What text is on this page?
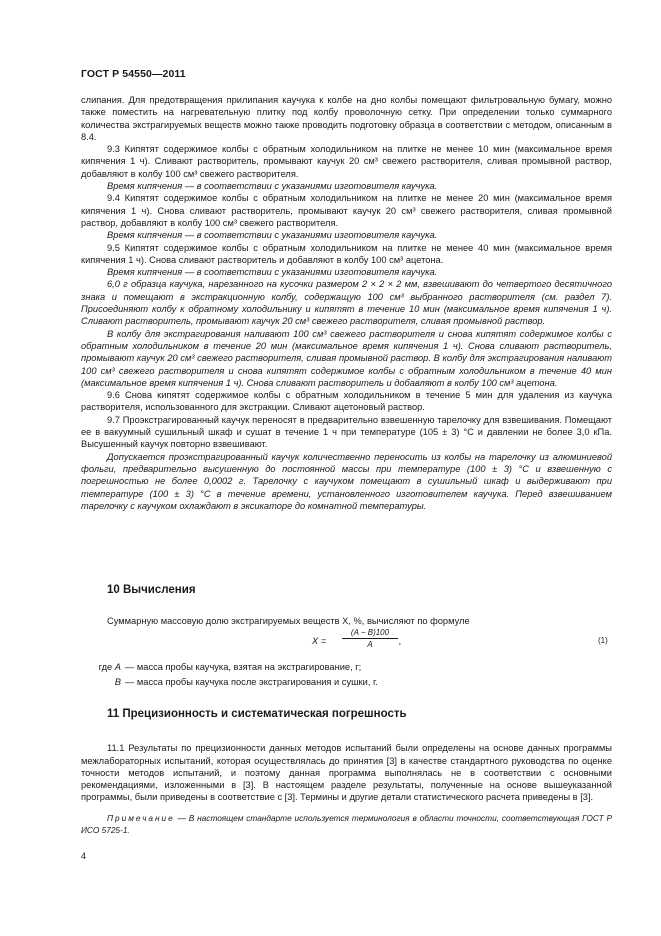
ГОСТ Р 54550—2011

слипания. Для предотвращения прилипания каучука к колбе на дно колбы помещают фильтровальную бумагу, можно также поместить на нагревательную плитку под колбу проволочную сетку. При определении только суммарного количества экстрагируемых веществ можно также проводить подготовку образца в соответствии с методом, описанным в 8.4.

9.3 Кипятят содержимое колбы с обратным холодильником на плитке не менее 10 мин (максимальное время кипячения 1 ч). Сливают растворитель, промывают каучук 20 см³ свежего растворителя, сливая промывной раствор, добавляют в колбу 100 см³ свежего растворителя.

Время кипячения — в соответствии с указаниями изготовителя каучука.

9.4 Кипятят содержимое колбы с обратным холодильником на плитке не менее 20 мин (максимальное время кипячения 1 ч). Снова сливают растворитель, промывают каучук 20 см³ свежего растворителя, сливая промывной раствор, добавляют в колбу 100 см³ свежего растворителя.

Время кипячения — в соответствии с указаниями изготовителя каучука.

9.5 Кипятят содержимое колбы с обратным холодильником на плитке не менее 40 мин (максимальное время кипячения 1 ч). Снова сливают растворитель и добавляют в колбу 100 см³ ацетона.

Время кипячения — в соответствии с указаниями изготовителя каучука.

6,0 г образца каучука, нарезанного на кусочки размером 2 × 2 × 2 мм, взвешивают до четвертого десятичного знака и помещают в экстракционную колбу, содержащую 100 см³ выбранного растворителя (см. раздел 7). Присоединяют колбу к обратному холодильнику и кипятят в течение 10 мин (максимальное время кипячения 1 ч). Сливают растворитель, промывают каучук 20 см³ свежего растворителя, сливая промывной раствор.

В колбу для экстрагирования наливают 100 см³ свежего растворителя и снова кипятят содержимое колбы с обратным холодильником в течение 20 мин (максимальное время кипячения 1 ч). Снова сливают растворитель, промывают каучук 20 см³ свежего растворителя, сливая промывной раствор. В колбу для экстрагирования наливают 100 см³ свежего растворителя и снова кипятят содержимое колбы с обратным холодильником в течение 40 мин (максимальное время кипячения 1 ч). Снова сливают растворитель и добавляют в колбу 100 см³ ацетона.

9.6 Снова кипятят содержимое колбы с обратным холодильником в течение 5 мин для удаления из каучука растворителя, использованного для экстракции. Сливают ацетоновый раствор.

9.7 Проэкстрагированный каучук переносят в предварительно взвешенную тарелочку для взвешивания. Помещают ее в вакуумный сушильный шкаф и сушат в течение 1 ч при температуре (105 ± 3) °С и давлении не более 3,0 кПа. Высушенный каучук повторно взвешивают.

Допускается проэкстрагированный каучук количественно переносить из колбы на тарелочку из алюминиевой фольги, предварительно высушенную до постоянной массы при температуре (100 ± 3) °С и взвешенную с погрешностью не более 0,0002 г. Тарелочку с каучуком помещают в сушильный шкаф и выдерживают при температуре (100 ± 3) °С в течение времени, установленного изготовителем каучука. Перед взвешиванием тарелочку с каучуком охлаждают в эксикаторе до комнатной температуры.

10 Вычисления
Суммарную массовую долю экстрагируемых веществ X, %, вычисляют по формуле
$X = \frac{(A - B)100}{A}$ ,	(1)
где A — масса пробы каучука, взятая на экстрагирование, г;
B — масса пробы каучука после экстрагирования и сушки, г.
11 Прецизионность и систематическая погрешность

11.1 Результаты по прецизионности данных методов испытаний были определены на основе данных программы межлабораторных испытаний, которая осуществлялась до принятия [3] в качестве стандартного руководства по оценке точности методов испытаний, и поэтому данная программа выполнялась не в соответствии с основными рекомендациями, изложенными в [3]. В настоящем разделе результаты, полученные на основе вышеуказанной программы, были приведены в соответствие с [3]. Термины и другие детали статистического расчета приведены в [3].

Примечание — В настоящем стандарте используется терминология в области точности, соответствующая ГОСТ Р ИСО 5725-1.

4
